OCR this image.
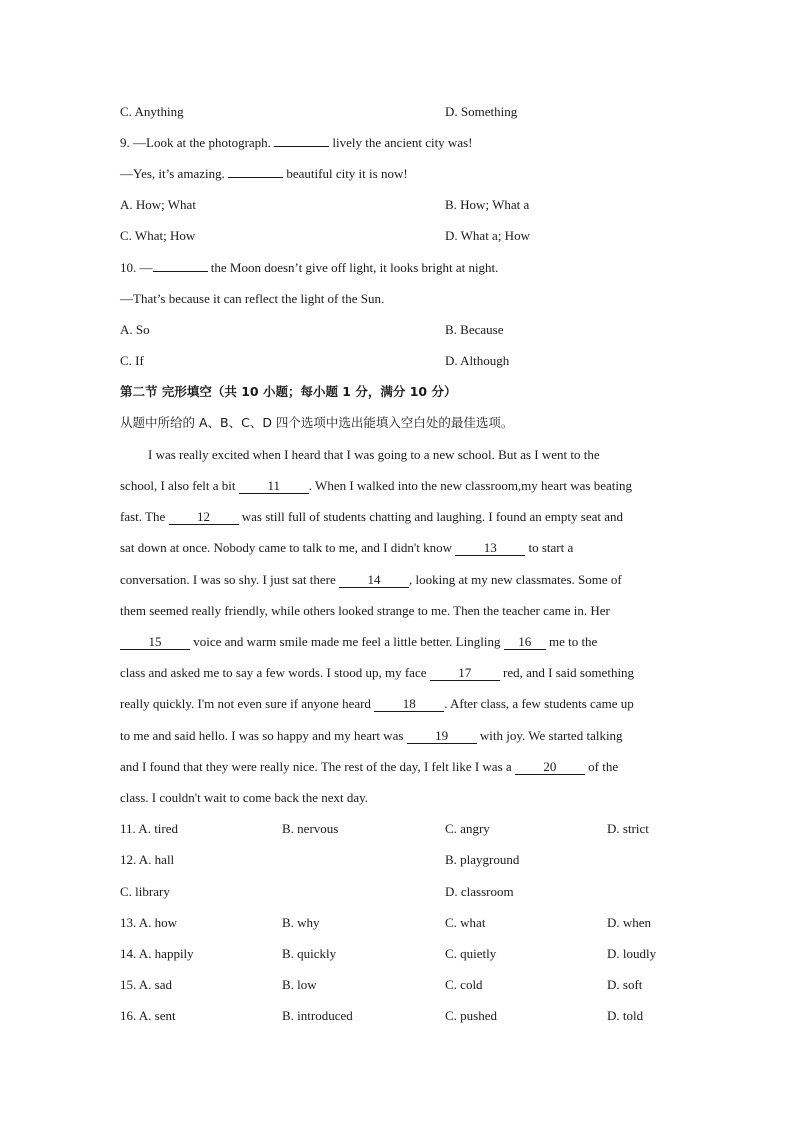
C. Anything	D. Something
9. —Look at the photograph.	lively the ancient city was!
—Yes, it’s amazing.	beautiful city it is now!
A. How; What	B. How; What a
C. What; How	D. What a; How
10. —	the Moon doesn’t give off light, it looks bright at night.
—That’s because it can reflect the light of the Sun.
A. So	B. Because
C. If	D. Although
第二节 完形填空（共 10 小题；每小题 1 分，满分 10 分）
从题中所给的 A、B、C、D 四个选项中选出能填入空白处的最佳选项。
I was really excited when I heard that I was going to a new school. But as I went to the
school, I also felt a bit 11 . When I walked into the new classroom,my heart was beating
fast. The 12 was still full of students chatting and laughing. I found an empty seat and
sat down at once. Nobody came to talk to me, and I didn't know 13 to start a
conversation. I was so shy. I just sat there 14 , looking at my new classmates. Some of
them seemed really friendly, while others looked strange to me. Then the teacher came in. Her
15 voice and warm smile made me feel a little better. Lingling 16 me to the
class and asked me to say a few words. I stood up, my face 17 red, and I said something
really quickly. I'm not even sure if anyone heard 18 . After class, a few students came up
to me and said hello. I was so happy and my heart was 19 with joy. We started talking
and I found that they were really nice. The rest of the day, I felt like I was a 20 of the
class. I couldn't wait to come back the next day.
11. A. tired	B. nervous	C. angry	D. strict
12. A. hall	B. playground
C. library	D. classroom
13. A. how	B. why	C. what	D. when
14. A. happily	B. quickly	C. quietly	D. loudly
15. A. sad	B. low	C. cold	D. soft
16. A. sent	B. introduced	C. pushed	D. told
